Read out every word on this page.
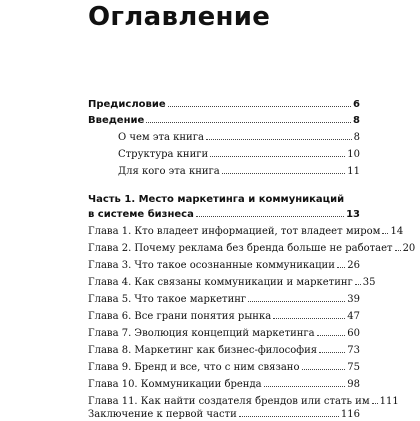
Оглавление
Предисловие	6
Введение	8
О чем эта книга	8
Структура книги	10
Для кого эта книга	11
Часть 1. Место маркетинга и коммуникаций
в системе бизнеса	13
Глава 1. Кто владеет информацией, тот владеет миром 14
Глава 2. Почему реклама без бренда больше не работает 20
Глава 3. Что такое осознанные коммуникации 26
Глава 4. Как связаны коммуникации и маркетинг 35
Глава 5. Что такое маркетинг	39
Глава 6. Все грани понятия рынка	47
Глава 7. Эволюция концепций маркетинга	60
Глава 8. Маркетинг как бизнес-философия	73
Глава 9. Бренд и все, что с ним связано	75
Глава 10. Коммуникации бренда	98
Глава 11. Как найти создателя брендов или стать им 111
Заключение к первой части	116
